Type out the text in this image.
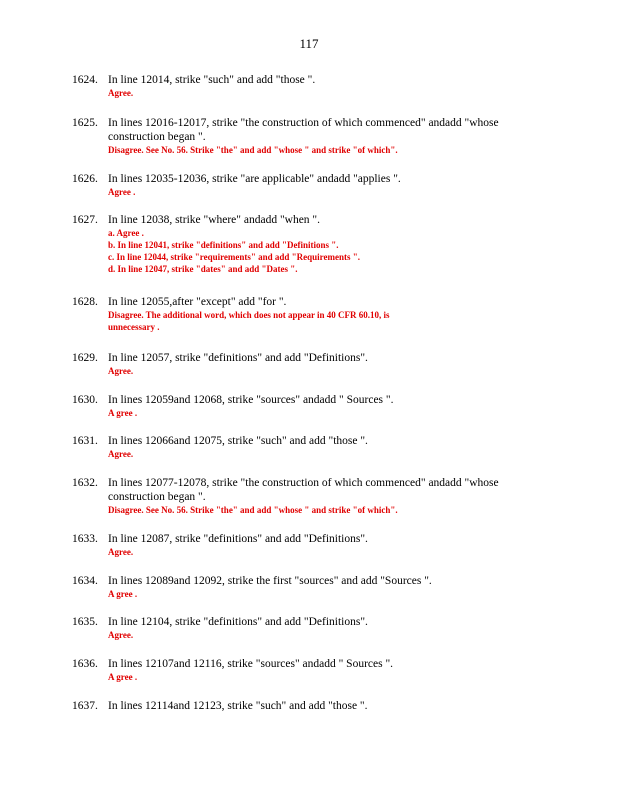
117
1624. In line 12014, strike "such" and add "those ".
Agree.
1625. In lines 12016-12017, strike "the construction of which commenced" andadd "whose
construction began ".
Disagree. See No. 56. Strike "the" and add "whose " and strike "of which".
1626. In lines 12035-12036, strike "are applicable" andadd "applies ".
Agree .
1627. In line 12038, strike "where" andadd "when ".
a. Agree .
b. In line 12041, strike "definitions" and add "Definitions ".
c. In line 12044, strike "requirements" and add "Requirements ".
d. In line 12047, strike "dates" and add "Dates ".
1628. In line 12055,after "except" add "for ".
Disagree. The additional word, which does not appear in 40 CFR 60.10, is
unnecessary .
1629. In line 12057, strike "definitions" and add "Definitions".
Agree.
1630. In lines 12059and 12068, strike "sources" andadd " Sources ".
A gree .
1631. In lines 12066and 12075, strike "such" and add "those ".
Agree.
1632. In lines 12077-12078, strike "the construction of which commenced" andadd "whose
construction began ".
Disagree. See No. 56. Strike "the" and add "whose " and strike "of which".
1633. In line 12087, strike "definitions" and add "Definitions".
Agree.
1634. In lines 12089and 12092, strike the first "sources" and add "Sources ".
A gree .
1635. In line 12104, strike "definitions" and add "Definitions".
Agree.
1636. In lines 12107and 12116, strike "sources" andadd " Sources ".
A gree .
1637. In lines 12114and 12123, strike "such" and add "those ".
